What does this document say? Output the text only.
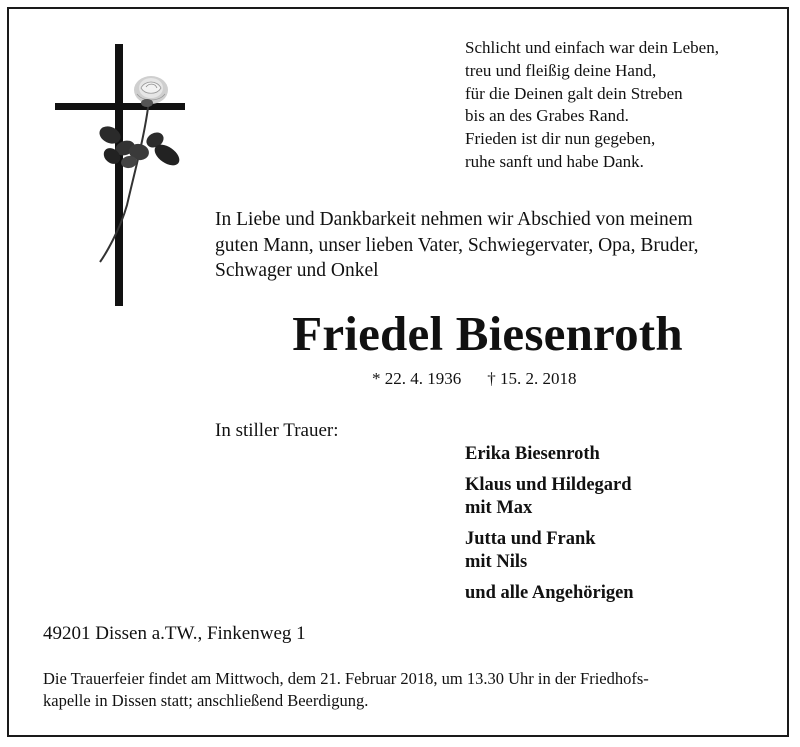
Schlicht und einfach war dein Leben,
treu und fleißig deine Hand,
für die Deinen galt dein Streben
bis an des Grabes Rand.
Frieden ist dir nun gegeben,
ruhe sanft und habe Dank.
In Liebe und Dankbarkeit nehmen wir Abschied von meinem
guten Mann, unser lieben Vater, Schwiegervater, Opa, Bruder,
Schwager und Onkel
Friedel Biesenroth
* 22. 4. 1936 † 15. 2. 2018
In stiller Trauer:
Erika Biesenroth
Klaus und Hildegard
mit Max
Jutta und Frank
mit Nils
und alle Angehörigen
49201 Dissen a.TW., Finkenweg 1
Die Trauerfeier findet am Mittwoch, dem 21. Februar 2018, um 13.30 Uhr in der Friedhofs-
kapelle in Dissen statt; anschließend Beerdigung.
